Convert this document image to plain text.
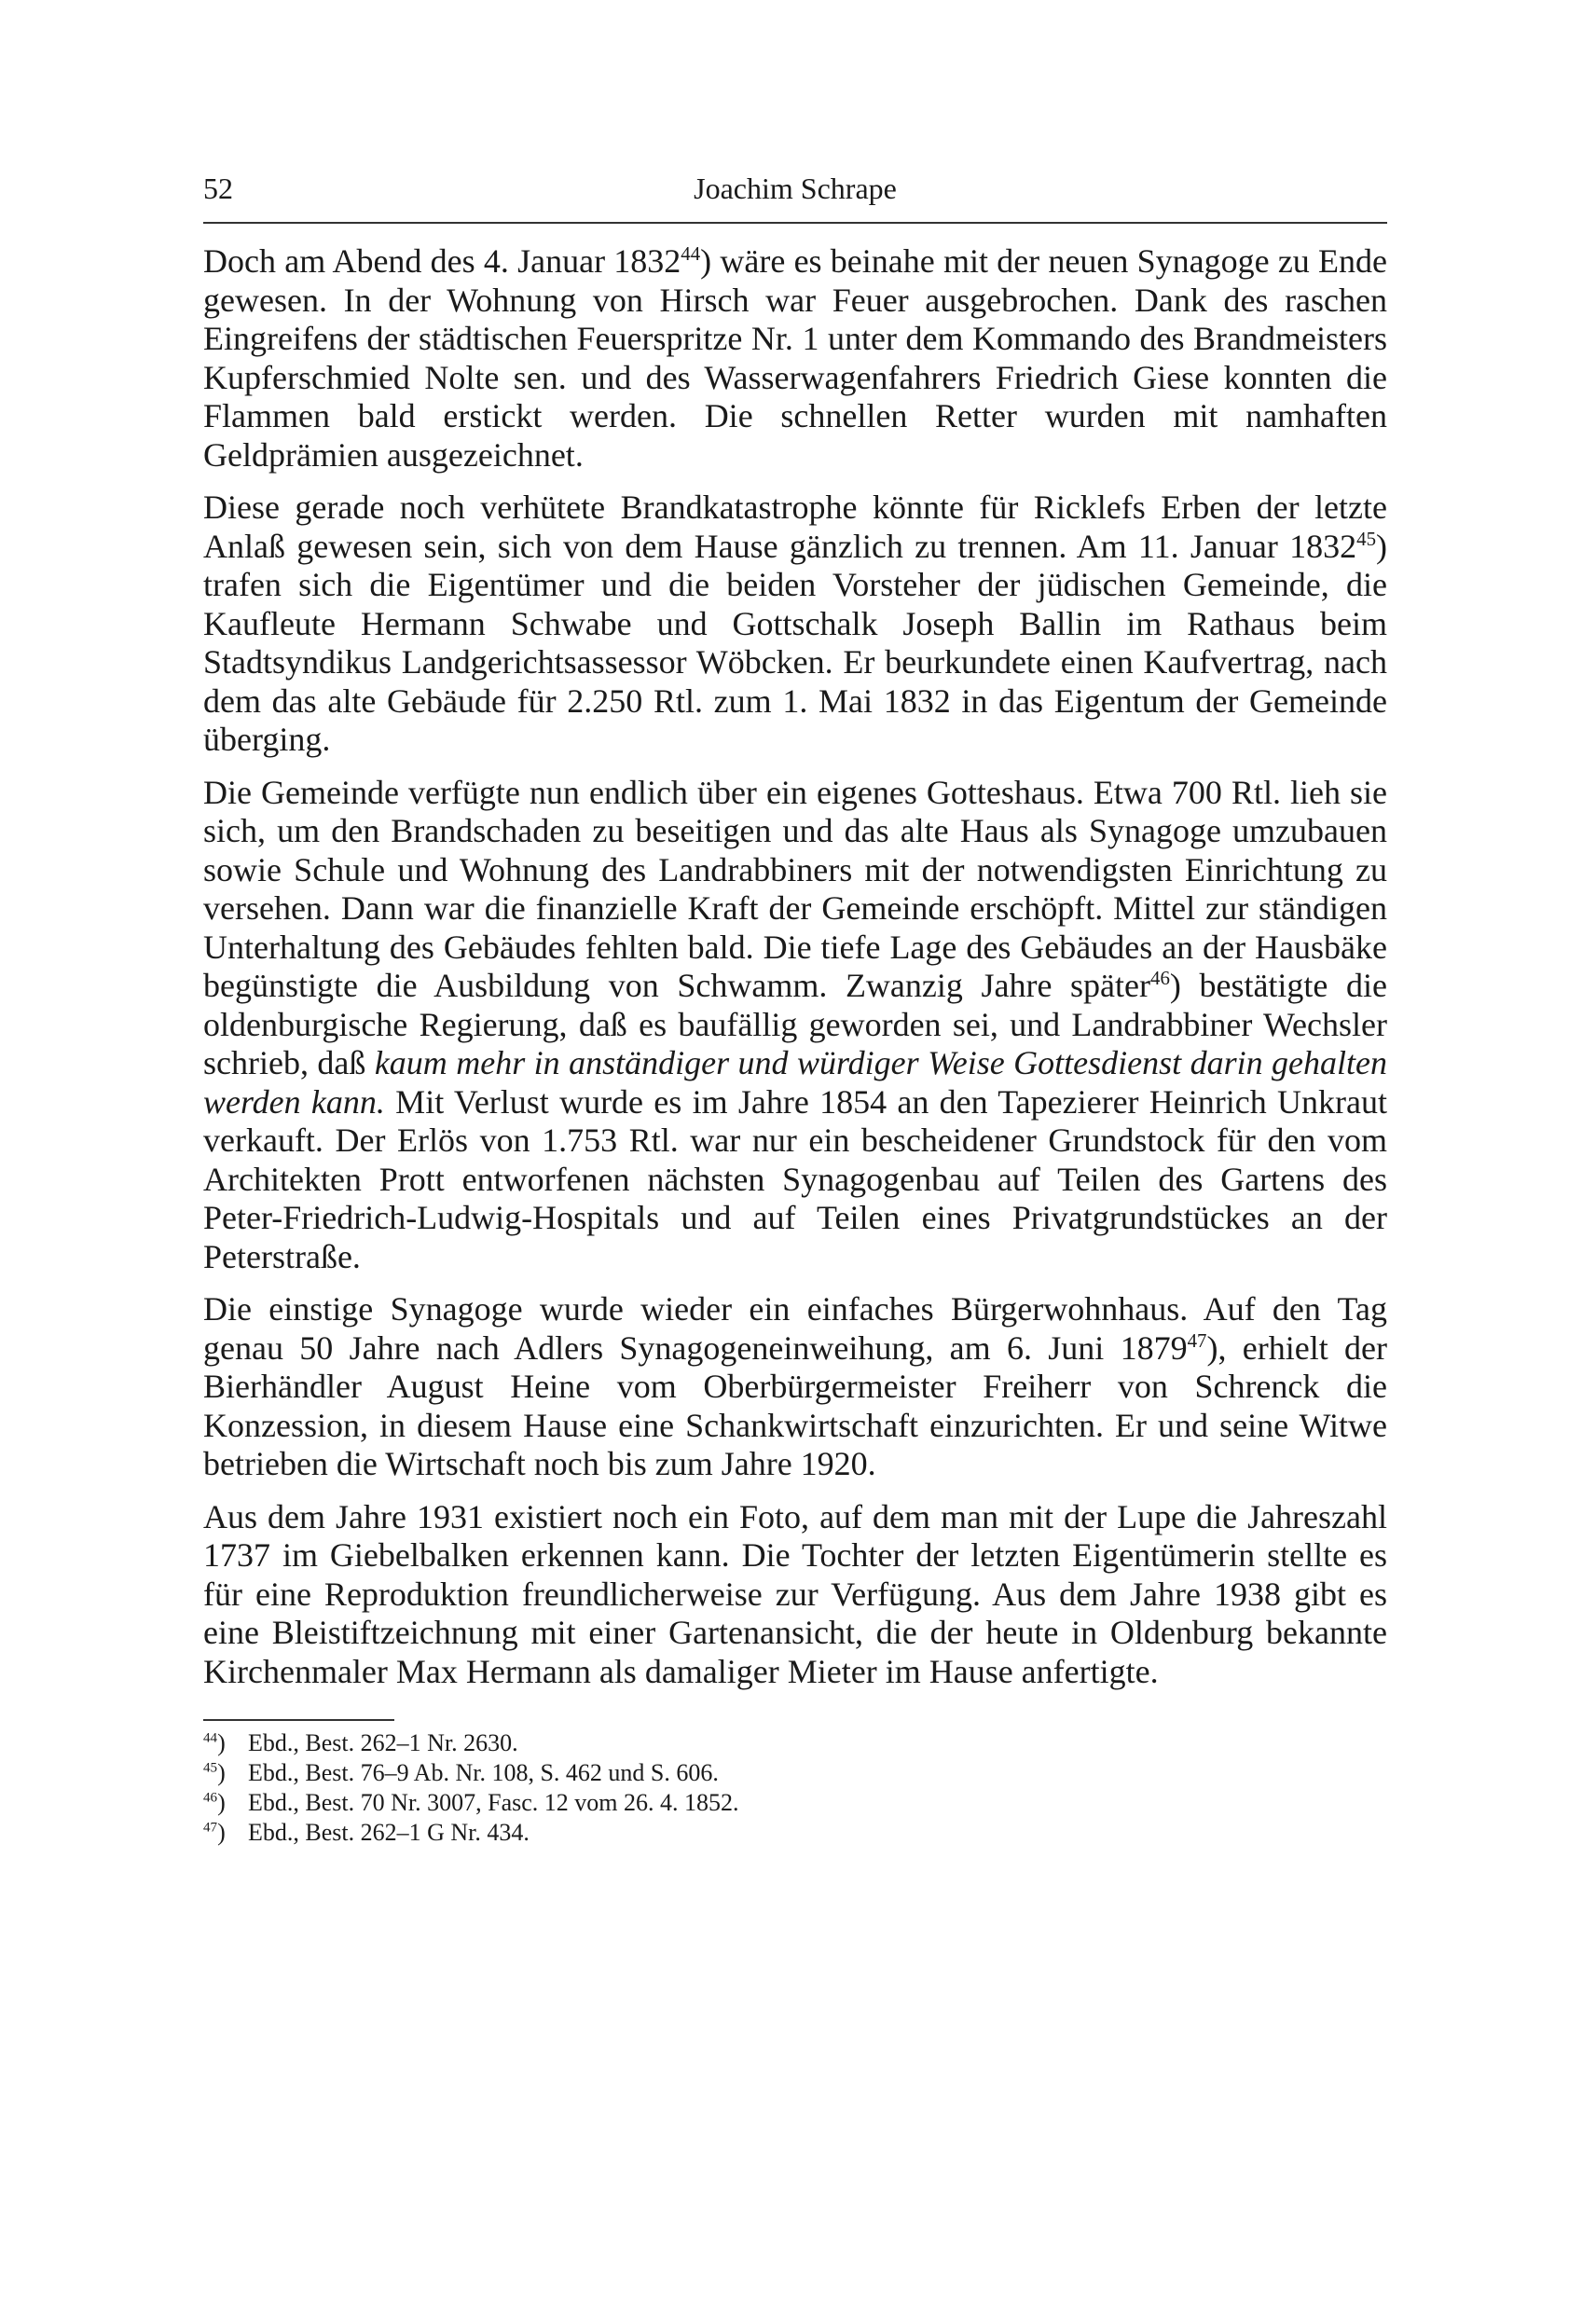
52	Joachim Schrape

Doch am Abend des 4. Januar 1832$^{44}$) wäre es beinahe mit der neuen Synagoge zu Ende gewesen. In der Wohnung von Hirsch war Feuer ausgebrochen. Dank des raschen Eingreifens der städtischen Feuerspritze Nr. 1 unter dem Kommando des Brandmeisters Kupferschmied Nolte sen. und des Wasserwagenfahrers Friedrich Giese konnten die Flammen bald erstickt werden. Die schnellen Retter wurden mit namhaften Geldprämien ausgezeichnet.

Diese gerade noch verhütete Brandkatastrophe könnte für Ricklefs Erben der letzte Anlaß gewesen sein, sich von dem Hause gänzlich zu trennen. Am 11. Januar 1832$^{45}$) trafen sich die Eigentümer und die beiden Vorsteher der jüdischen Gemeinde, die Kaufleute Hermann Schwabe und Gottschalk Joseph Ballin im Rathaus beim Stadtsyndikus Landgerichtsassessor Wöbcken. Er beurkundete einen Kaufvertrag, nach dem das alte Gebäude für 2.250 Rtl. zum 1. Mai 1832 in das Eigentum der Gemeinde überging.

Die Gemeinde verfügte nun endlich über ein eigenes Gotteshaus. Etwa 700 Rtl. lieh sie sich, um den Brandschaden zu beseitigen und das alte Haus als Synagoge umzubauen sowie Schule und Wohnung des Landrabbiners mit der notwendigsten Einrichtung zu versehen. Dann war die finanzielle Kraft der Gemeinde erschöpft. Mittel zur ständigen Unterhaltung des Gebäudes fehlten bald. Die tiefe Lage des Gebäudes an der Hausbäke begünstigte die Ausbildung von Schwamm. Zwanzig Jahre später$^{46}$) bestätigte die oldenburgische Regierung, daß es baufällig geworden sei, und Landrabbiner Wechsler schrieb, daß kaum mehr in anständiger und würdiger Weise Gottesdienst darin gehalten werden kann. Mit Verlust wurde es im Jahre 1854 an den Tapezierer Heinrich Unkraut verkauft. Der Erlös von 1.753 Rtl. war nur ein bescheidener Grundstock für den vom Architekten Prott entworfenen nächsten Synagogenbau auf Teilen des Gartens des Peter-Friedrich-Ludwig-Hospitals und auf Teilen eines Privatgrundstückes an der Peterstraße.

Die einstige Synagoge wurde wieder ein einfaches Bürgerwohnhaus. Auf den Tag genau 50 Jahre nach Adlers Synagogeneinweihung, am 6. Juni 1879$^{47}$), erhielt der Bierhändler August Heine vom Oberbürgermeister Freiherr von Schrenck die Konzession, in diesem Hause eine Schankwirtschaft einzurichten. Er und seine Witwe betrieben die Wirtschaft noch bis zum Jahre 1920.

Aus dem Jahre 1931 existiert noch ein Foto, auf dem man mit der Lupe die Jahreszahl 1737 im Giebelbalken erkennen kann. Die Tochter der letzten Eigentümerin stellte es für eine Reproduktion freundlicherweise zur Verfügung. Aus dem Jahre 1938 gibt es eine Bleistiftzeichnung mit einer Gartenansicht, die der heute in Oldenburg bekannte Kirchenmaler Max Hermann als damaliger Mieter im Hause anfertigte.

$^{44}$) Ebd., Best. 262–1 Nr. 2630.
$^{45}$) Ebd., Best. 76–9 Ab. Nr. 108, S. 462 und S. 606.
$^{46}$) Ebd., Best. 70 Nr. 3007, Fasc. 12 vom 26. 4. 1852.
$^{47}$) Ebd., Best. 262–1 G Nr. 434.
